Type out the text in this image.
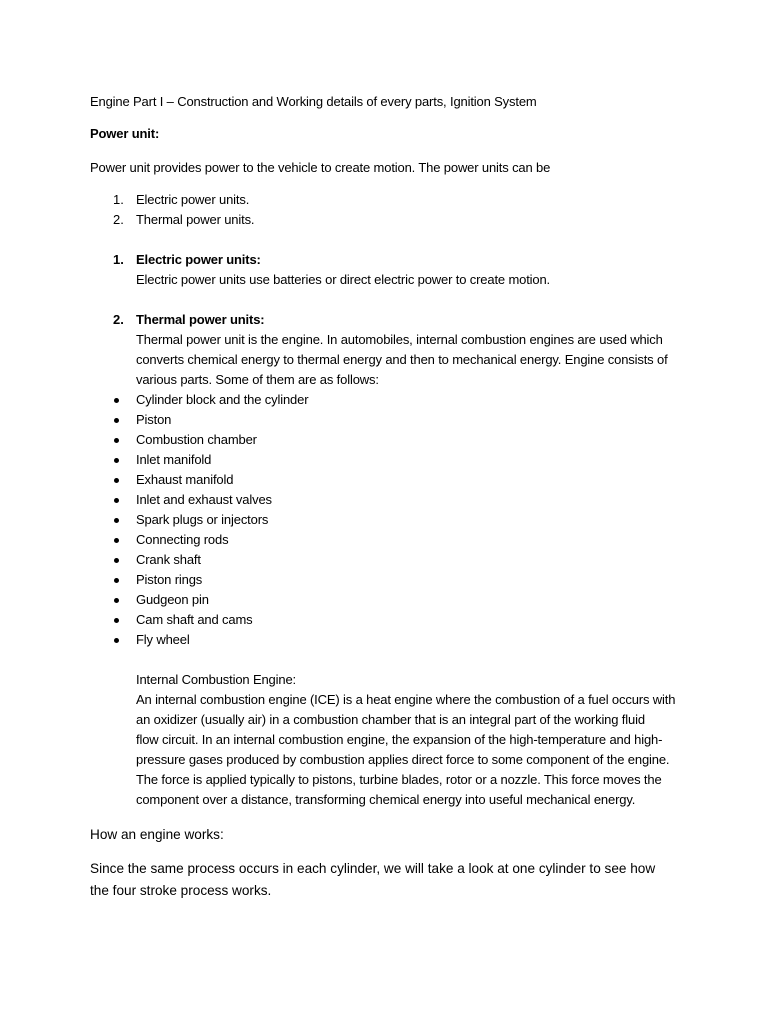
Engine Part I – Construction and Working details of every parts, Ignition System
Power unit:
Power unit provides power to the vehicle to create motion. The power units can be
1. Electric power units.
2. Thermal power units.
1. Electric power units:
Electric power units use batteries or direct electric power to create motion.
2. Thermal power units:
Thermal power unit is the engine. In automobiles, internal combustion engines are used which
converts chemical energy to thermal energy and then to mechanical energy. Engine consists of
various parts. Some of them are as follows:
Cylinder block and the cylinder
Piston
Combustion chamber
Inlet manifold
Exhaust manifold
Inlet and exhaust valves
Spark plugs or injectors
Connecting rods
Crank shaft
Piston rings
Gudgeon pin
Cam shaft and cams
Fly wheel
Internal Combustion Engine:
An internal combustion engine (ICE) is a heat engine where the combustion of a fuel occurs with
an oxidizer (usually air) in a combustion chamber that is an integral part of the working fluid
flow circuit. In an internal combustion engine, the expansion of the high-temperature and high-
pressure gases produced by combustion applies direct force to some component of the engine.
The force is applied typically to pistons, turbine blades, rotor or a nozzle. This force moves the
component over a distance, transforming chemical energy into useful mechanical energy.
How an engine works:
Since the same process occurs in each cylinder, we will take a look at one cylinder to see how
the four stroke process works.
